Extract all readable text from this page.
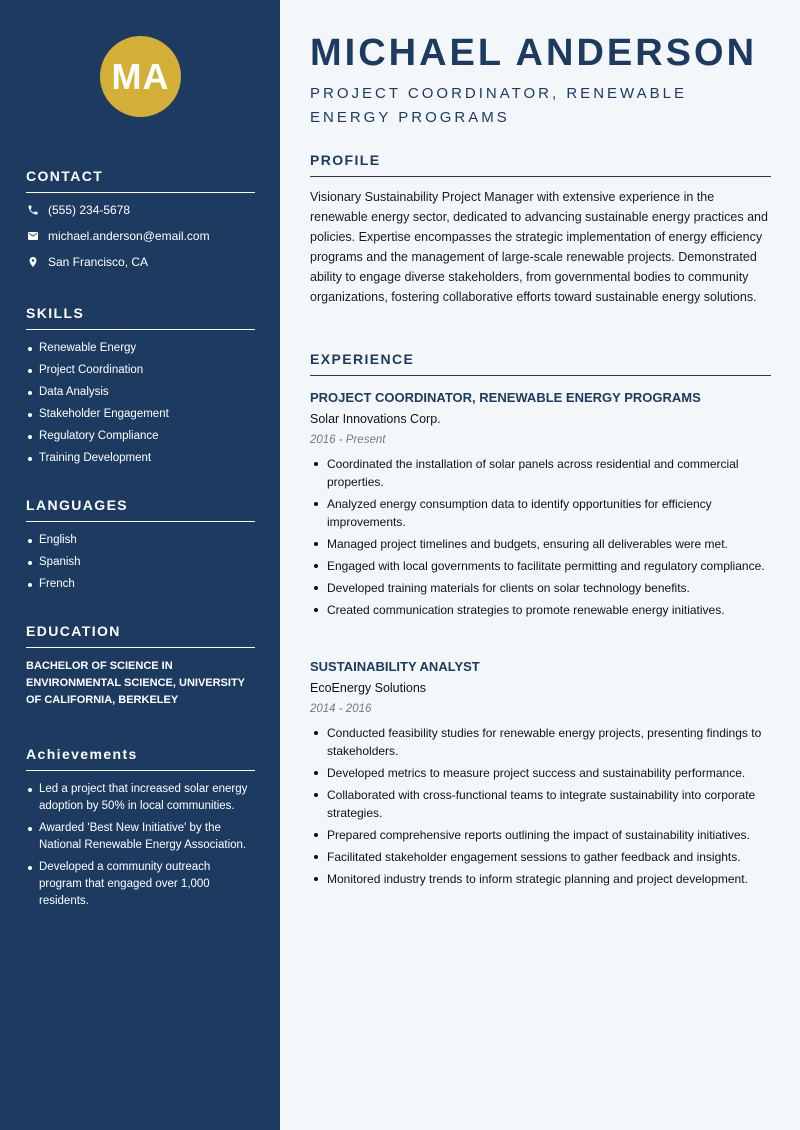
MA
CONTACT
(555) 234-5678
michael.anderson@email.com
San Francisco, CA
SKILLS
Renewable Energy
Project Coordination
Data Analysis
Stakeholder Engagement
Regulatory Compliance
Training Development
LANGUAGES
English
Spanish
French
EDUCATION
BACHELOR OF SCIENCE IN ENVIRONMENTAL SCIENCE, UNIVERSITY OF CALIFORNIA, BERKELEY
Achievements
Led a project that increased solar energy adoption by 50% in local communities.
Awarded 'Best New Initiative' by the National Renewable Energy Association.
Developed a community outreach program that engaged over 1,000 residents.
MICHAEL ANDERSON
PROJECT COORDINATOR, RENEWABLE ENERGY PROGRAMS
PROFILE
Visionary Sustainability Project Manager with extensive experience in the renewable energy sector, dedicated to advancing sustainable energy practices and policies. Expertise encompasses the strategic implementation of energy efficiency programs and the management of large-scale renewable projects. Demonstrated ability to engage diverse stakeholders, from governmental bodies to community organizations, fostering collaborative efforts toward sustainable energy solutions.
EXPERIENCE
PROJECT COORDINATOR, RENEWABLE ENERGY PROGRAMS
Solar Innovations Corp.
2016 - Present
Coordinated the installation of solar panels across residential and commercial properties.
Analyzed energy consumption data to identify opportunities for efficiency improvements.
Managed project timelines and budgets, ensuring all deliverables were met.
Engaged with local governments to facilitate permitting and regulatory compliance.
Developed training materials for clients on solar technology benefits.
Created communication strategies to promote renewable energy initiatives.
SUSTAINABILITY ANALYST
EcoEnergy Solutions
2014 - 2016
Conducted feasibility studies for renewable energy projects, presenting findings to stakeholders.
Developed metrics to measure project success and sustainability performance.
Collaborated with cross-functional teams to integrate sustainability into corporate strategies.
Prepared comprehensive reports outlining the impact of sustainability initiatives.
Facilitated stakeholder engagement sessions to gather feedback and insights.
Monitored industry trends to inform strategic planning and project development.
